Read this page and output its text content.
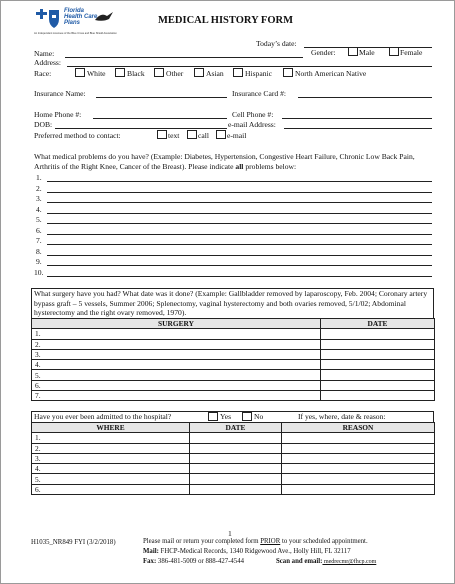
Florida
Health Care
Plans
An Independent Licensee of the Blue Cross and Blue Shield Association
MEDICAL HISTORY FORM
Today’s date:
Name:	Gender:	Male	Female
Address:
Race:	White	Black	Other	Asian	Hispanic	North American Native
Insurance Name:	Insurance Card #:
Home Phone #:	Cell Phone #:
DOB:	e-mail Address:
Preferred method to contact:	text call e-mail
What medical problems do you have? (Example: Diabetes, Hypertension, Congestive Heart Failure, Chronic Low Back Pain, Arthritis of the Right Knee, Cancer of the Breast). Please indicate all problems below:
1.
2.
3.
4.
5.
6.
7.
8.
9.
10.
What surgery have you had? What date was it done? (Example: Gallbladder removed by laparoscopy, Feb. 2004; Coronary artery bypass graft – 5 vessels, Summer 2006; Splenectomy, vaginal hysterectomy and both ovaries removed, 5/1/02; Abdominal hysterectomy and the right ovary removed, 1970).
SURGERY	DATE
1.	
2.	
3.	
4.	
5.	
6.	
7.	
Have you ever been admitted to the hospital?	Yes	No	If yes, where, date & reason:
WHERE	DATE	REASON
1.		
2.		
3.		
4.		
5.		
6.		
1
H1035_NR849 FYI (3/2/2018)	Please mail or return your completed form PRIOR to your scheduled appointment.
Mail: FHCP-Medical Records, 1340 Ridgewood Ave., Holly Hill, FL 32117
Fax: 386-481-5009 or 888-427-4544	Scan and email: medrecmr@fhcp.com
